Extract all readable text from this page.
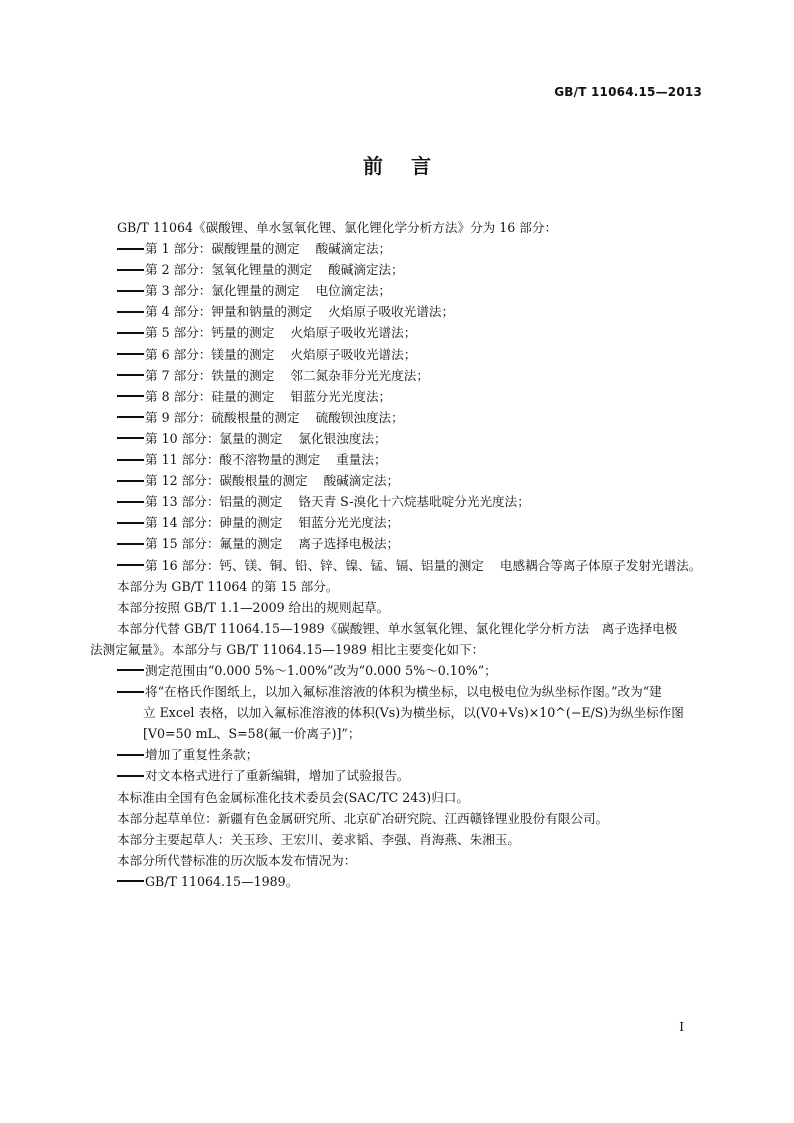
GB/T 11064.15—2013
前言
GB/T 11064《碳酸锂、单水氢氧化锂、氯化锂化学分析方法》分为 16 部分：
第 1 部分：碳酸锂量的测定 酸碱滴定法；
第 2 部分：氢氧化锂量的测定 酸碱滴定法；
第 3 部分：氯化锂量的测定 电位滴定法；
第 4 部分：钾量和钠量的测定 火焰原子吸收光谱法；
第 5 部分：钙量的测定 火焰原子吸收光谱法；
第 6 部分：镁量的测定 火焰原子吸收光谱法；
第 7 部分：铁量的测定 邻二氮杂菲分光光度法；
第 8 部分：硅量的测定 钼蓝分光光度法；
第 9 部分：硫酸根量的测定 硫酸钡浊度法；
第 10 部分：氯量的测定 氯化银浊度法；
第 11 部分：酸不溶物量的测定 重量法；
第 12 部分：碳酸根量的测定 酸碱滴定法；
第 13 部分：铝量的测定 铬天青 S-溴化十六烷基吡啶分光光度法；
第 14 部分：砷量的测定 钼蓝分光光度法；
第 15 部分：氟量的测定 离子选择电极法；
第 16 部分：钙、镁、铜、铅、锌、镍、锰、镉、铝量的测定 电感耦合等离子体原子发射光谱法。
本部分为 GB/T 11064 的第 15 部分。
本部分按照 GB/T 1.1—2009 给出的规则起草。
本部分代替 GB/T 11064.15—1989《碳酸锂、单水氢氧化锂、氯化锂化学分析方法　离子选择电极
法测定氟量》。本部分与 GB/T 11064.15—1989 相比主要变化如下：
测定范围由“0.000 5%～1.00%”改为“0.000 5%～0.10%”；
将“在格氏作图纸上，以加入氟标准溶液的体积为横坐标，以电极电位为纵坐标作图。”改为“建
立 Excel 表格，以加入氟标准溶液的体积(Vs)为横坐标，以(V0+Vs)×10^(−E/S)为纵坐标作图
[V0=50 mL、S=58(氟一价离子)]”；
增加了重复性条款；
对文本格式进行了重新编辑，增加了试验报告。
本标准由全国有色金属标准化技术委员会(SAC/TC 243)归口。
本部分起草单位：新疆有色金属研究所、北京矿冶研究院、江西赣锋锂业股份有限公司。
本部分主要起草人：关玉珍、王宏川、姜求韬、李强、肖海燕、朱湘玉。
本部分所代替标准的历次版本发布情况为：
GB/T 11064.15—1989。
I
